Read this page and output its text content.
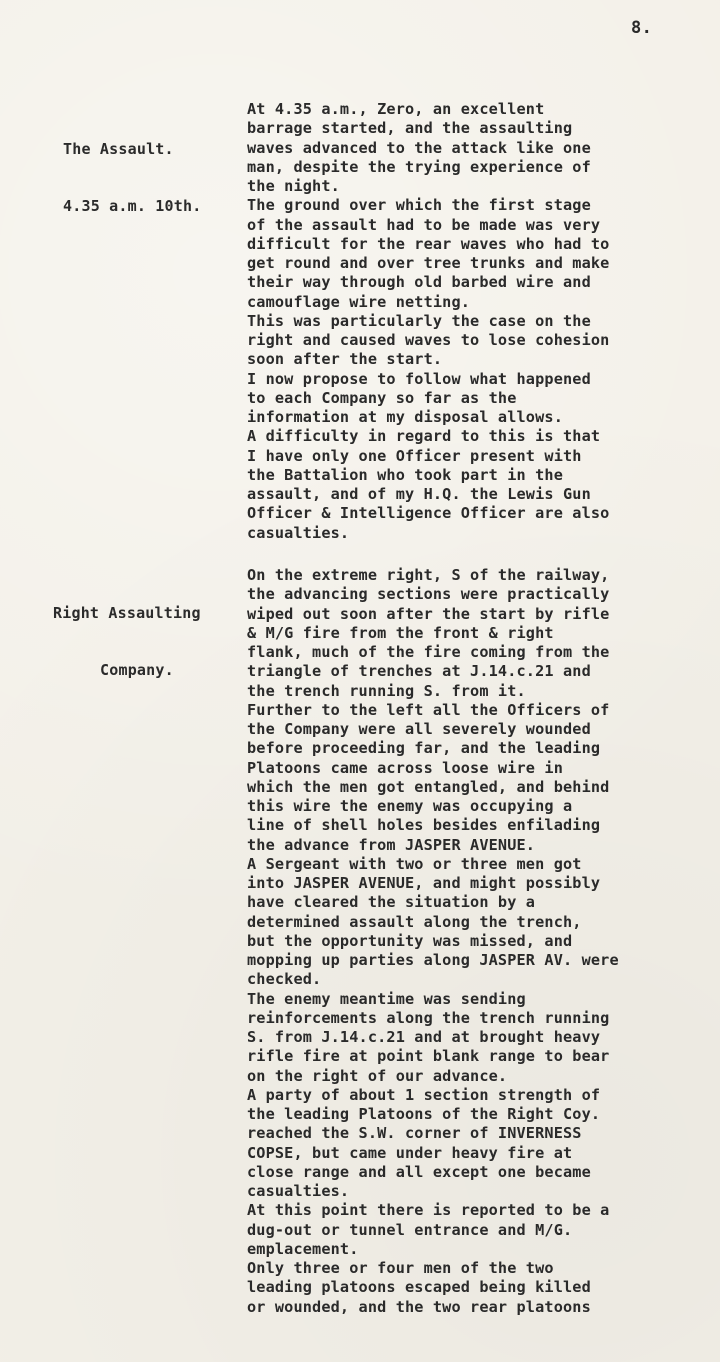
8.

The Assault.

4.35 a.m. 10th.

At 4.35 a.m., Zero, an excellent
barrage started, and the assaulting
waves advanced to the attack like one
man, despite the trying experience of
the night.
The ground over which the first stage
of the assault had to be made was very
difficult for the rear waves who had to
get round and over tree trunks and make
their way through old barbed wire and
camouflage wire netting.
This was particularly the case on the
right and caused waves to lose cohesion
soon after the start.
I now propose to follow what happened
to each Company so far as the
information at my disposal allows.
A difficulty in regard to this is that
I have only one Officer present with
the Battalion who took part in the
assault, and of my H.Q. the Lewis Gun
Officer & Intelligence Officer are also
casualties.

Right Assaulting

Company.

On the extreme right, S of the railway,
the advancing sections were practically
wiped out soon after the start by rifle
& M/G fire from the front & right
flank, much of the fire coming from the
triangle of trenches at J.14.c.21 and
the trench running S. from it.
Further to the left all the Officers of
the Company were all severely wounded
before proceeding far, and the leading
Platoons came across loose wire in
which the men got entangled, and behind
this wire the enemy was occupying a
line of shell holes besides enfilading
the advance from JASPER AVENUE.
A Sergeant with two or three men got
into JASPER AVENUE, and might possibly
have cleared the situation by a
determined assault along the trench,
but the opportunity was missed, and
mopping up parties along JASPER AV. were
checked.
The enemy meantime was sending
reinforcements along the trench running
S. from J.14.c.21 and at brought heavy
rifle fire at point blank range to bear
on the right of our advance.
A party of about 1 section strength of
the leading Platoons of the Right Coy.
reached the S.W. corner of INVERNESS
COPSE, but came under heavy fire at
close range and all except one became
casualties.
At this point there is reported to be a
dug-out or tunnel entrance and M/G.
emplacement.
Only three or four men of the two
leading platoons escaped being killed
or wounded, and the two rear platoons
